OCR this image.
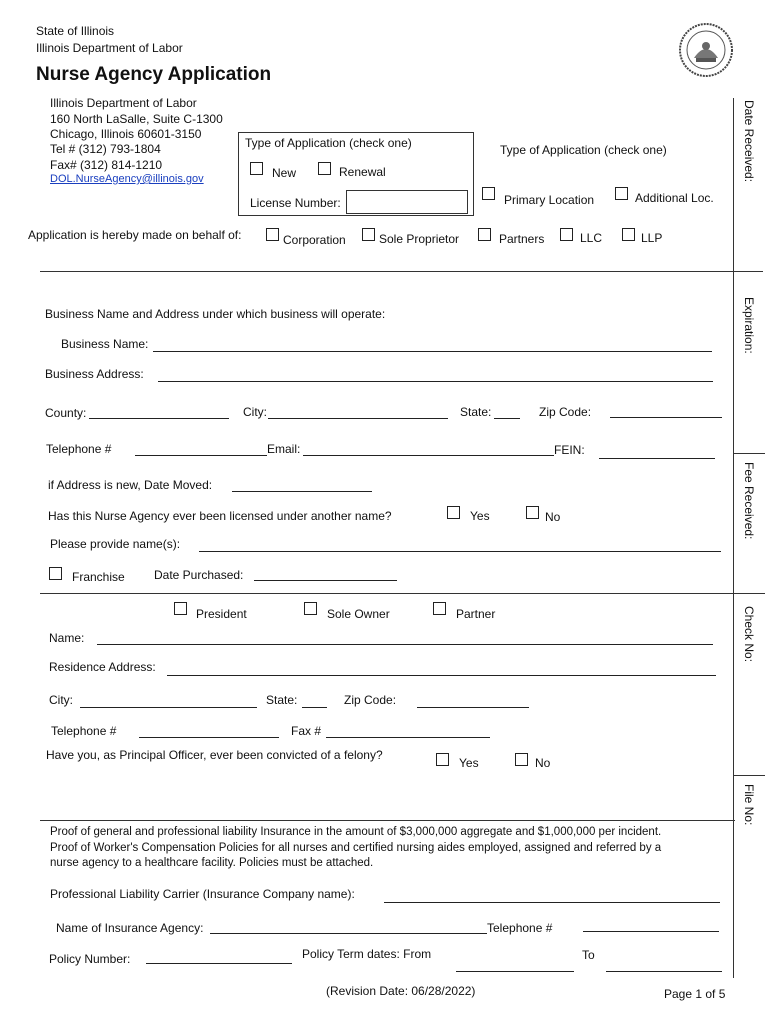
State of Illinois
Illinois Department of Labor
Nurse Agency Application
Illinois Department of Labor
160 North LaSalle, Suite C-1300
Chicago, Illinois 60601-3150
Tel # (312) 793-1804
Fax# (312) 814-1210
DOL.NurseAgency@illinois.gov
Type of Application (check one)
New	Renewal
License Number:
Type of Application (check one)
Primary Location	Additional Loc.
Application is hereby made on behalf of:	Corporation	Sole Proprietor	Partners	LLC	LLP
Date Received:
Expiration:
Fee Received:
Check No:
File No:
Business Name and Address under which business will operate:
Business Name:
Business Address:
County:	City:	State:	Zip Code:
Telephone #	Email:	FEIN:
if Address is new, Date Moved:
Has this Nurse Agency ever been licensed under another name?	Yes	No
Please provide name(s):
Franchise Date Purchased:
President	Sole Owner	Partner
Name:
Residence Address:
City:	State:	Zip Code:
Telephone #	Fax #
Have you, as Principal Officer, ever been convicted of a felony?
Yes	No
Proof of general and professional liability Insurance in the amount of $3,000,000 aggregate and $1,000,000 per incident.
Proof of Worker's Compensation Policies for all nurses and certified nursing aides employed, assigned and referred by a
nurse agency to a healthcare facility. Policies must be attached.
Professional Liability Carrier (Insurance Company name):
Name of Insurance Agency:	Telephone #
Policy Number:	Policy Term dates: From	To
(Revision Date: 06/28/2022)	Page 1 of 5
